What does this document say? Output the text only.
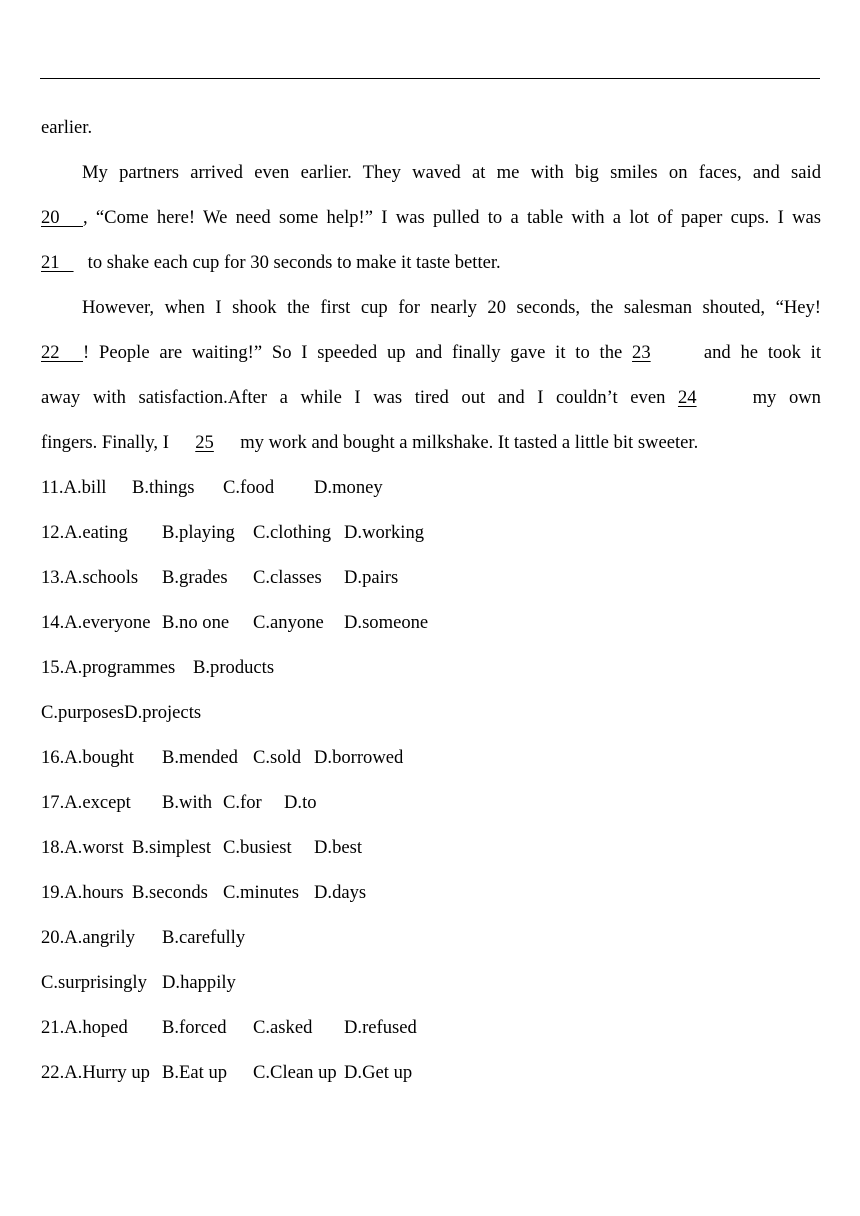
earlier.
My partners arrived even earlier. They waved at me with big smiles on faces, and said
20   , “Come here! We need some help!” I was pulled to a table with a lot of paper cups. I was
21    to shake each cup for 30 seconds to make it taste better.
However, when I shook the first cup for nearly 20 seconds, the salesman shouted, “Hey!
22   ! People are waiting!” So I speeded up and finally gave it to the 23	and he took it
away with satisfaction.After a while I was tired out and I couldn’t even 24	my own
fingers. Finally, I 25 my work and bought a milkshake. It tasted a little bit sweeter.
11.A.bill B.things C.food D.money
12.A.eating B.playing C.clothing D.working
13.A.schools B.grades C.classes D.pairs
14.A.everyone B.no one C.anyone D.someone
15.A.programmes B.products
C.purposesD.projects
16.A.bought B.mended C.sold D.borrowed
17.A.except B.with C.for D.to
18.A.worst B.simplest C.busiest D.best
19.A.hours B.seconds C.minutes D.days
20.A.angrily B.carefully
C.surprisingly D.happily
21.A.hoped B.forced C.asked D.refused
22.A.Hurry up B.Eat up C.Clean up D.Get up
